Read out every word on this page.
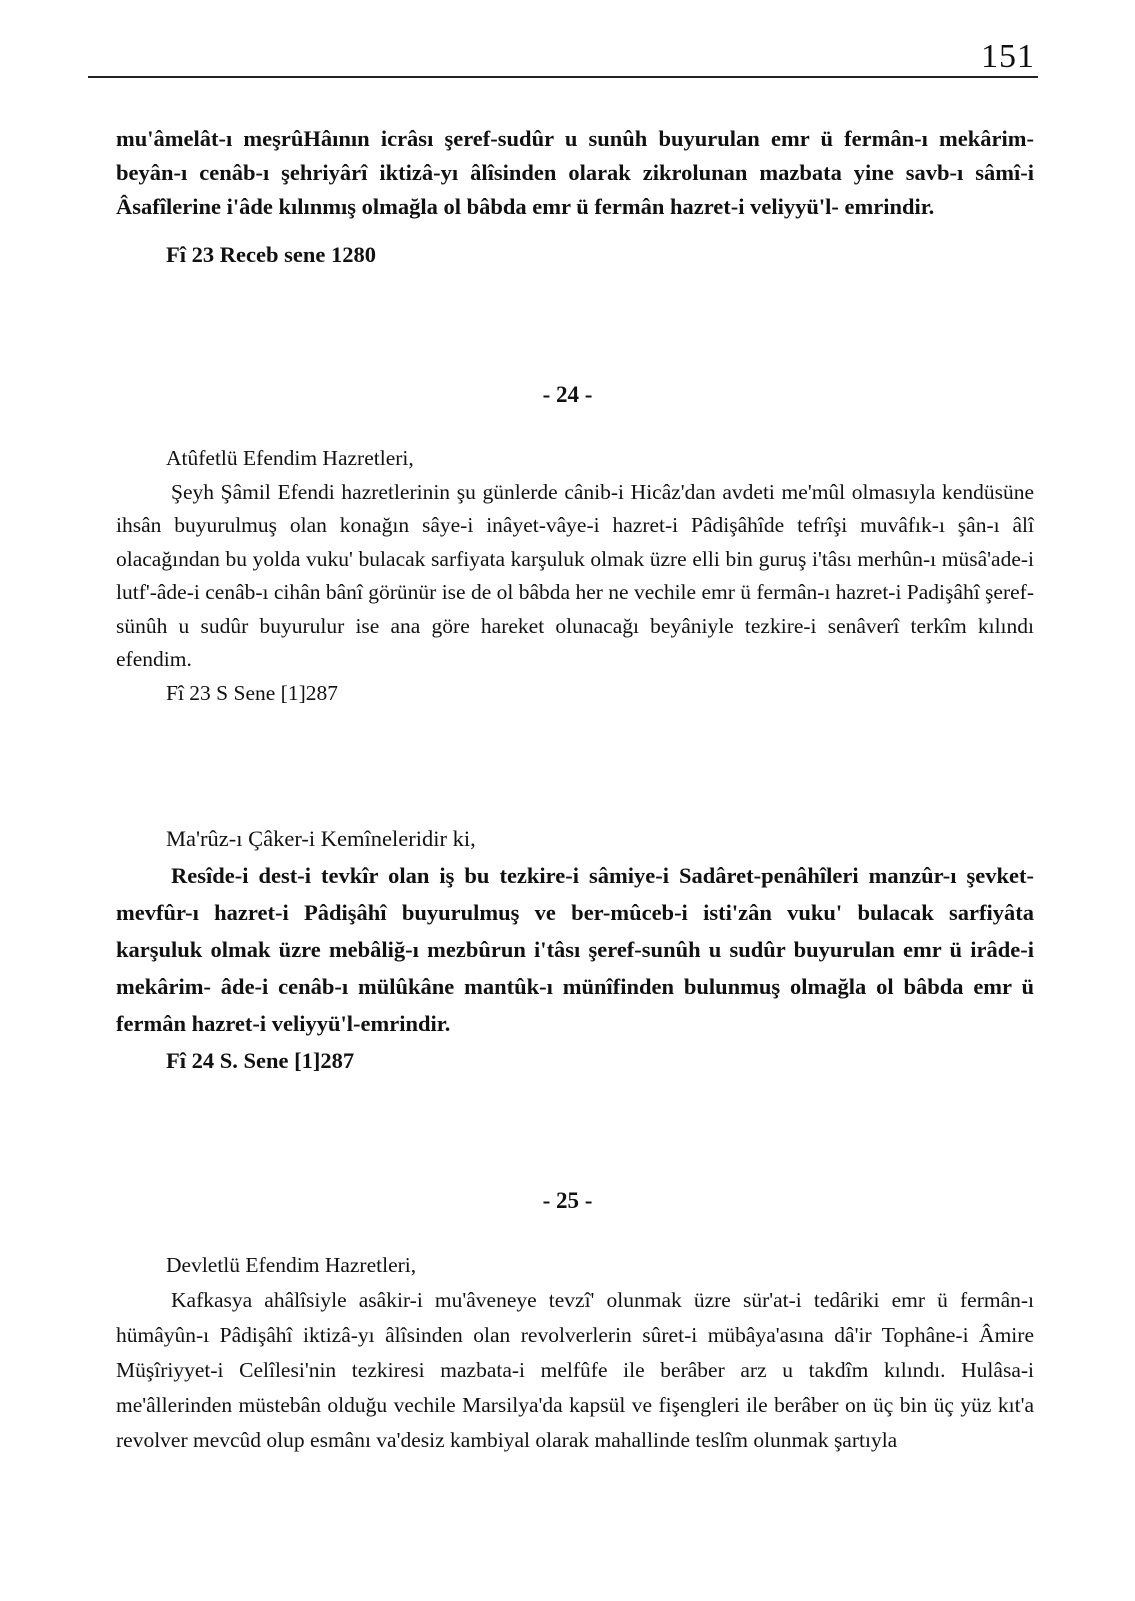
151

mu'âmelât-ı meşrûHâının icrâsı şeref-sudûr u sunûh buyurulan emr ü fermân-ı mekârim-beyân-ı cenâb-ı şehriyârî iktizâ-yı âlîsinden olarak zikrolunan mazbata yine savb-ı sâmî-i Âsafîlerine i'âde kılınmış olmağla ol bâbda emr ü fermân hazret-i veliyyü'l- emrindir.

Fî 23 Receb sene 1280

- 24 -

Atûfetlü Efendim Hazretleri,

Şeyh Şâmil Efendi hazretlerinin şu günlerde cânib-i Hicâz'dan avdeti me'mûl olmasıyla kendüsüne ihsân buyurulmuş olan konağın sâye-i inâyet-vâye-i hazret-i Pâdişâhîde tefrîşi muvâfık-ı şân-ı âlî olacağından bu yolda vuku' bulacak sarfiyata karşuluk olmak üzre elli bin guruş i'tâsı merhûn-ı müsâ'ade-i lutf'-âde-i cenâb-ı cihân bânî görünür ise de ol bâbda her ne vechile emr ü fermân-ı hazret-i Padişâhî şeref-sünûh u sudûr buyurulur ise ana göre hareket olunacağı beyâniyle tezkire-i senâverî terkîm kılındı efendim.

Fî 23 S Sene [1]287

Ma'rûz-ı Çâker-i Kemîneleridir ki,

Resîde-i dest-i tevkîr olan iş bu tezkire-i sâmiye-i Sadâret-penâhîleri manzûr-ı şevket-mevfûr-ı hazret-i Pâdişâhî buyurulmuş ve ber-mûceb-i isti'zân vuku' bulacak sarfiyâta karşuluk olmak üzre mebâliğ-ı mezbûrun i'tâsı şeref-sunûh u sudûr buyurulan emr ü irâde-i mekârim- âde-i cenâb-ı mülûkâne mantûk-ı münîfinden bulunmuş olmağla ol bâbda emr ü fermân hazret-i veliyyü'l-emrindir.

Fî 24 S. Sene [1]287

- 25 -

Devletlü Efendim Hazretleri,

Kafkasya ahâlîsiyle asâkir-i mu'âveneye tevzî' olunmak üzre sür'at-i tedâriki emr ü fermân-ı hümâyûn-ı Pâdişâhî iktizâ-yı âlîsinden olan revolverlerin sûret-i mübâya'asına dâ'ir Tophâne-i Âmire Müşîriyyet-i Celîlesi'nin tezkiresi mazbata-i melfûfe ile berâber arz u takdîm kılındı. Hulâsa-i me'âllerinden müstebân olduğu vechile Marsilya'da kapsül ve fişengleri ile berâber on üç bin üç yüz kıt'a revolver mevcûd olup esmânı va'desiz kambiyal olarak mahallinde teslîm olunmak şartıyla
